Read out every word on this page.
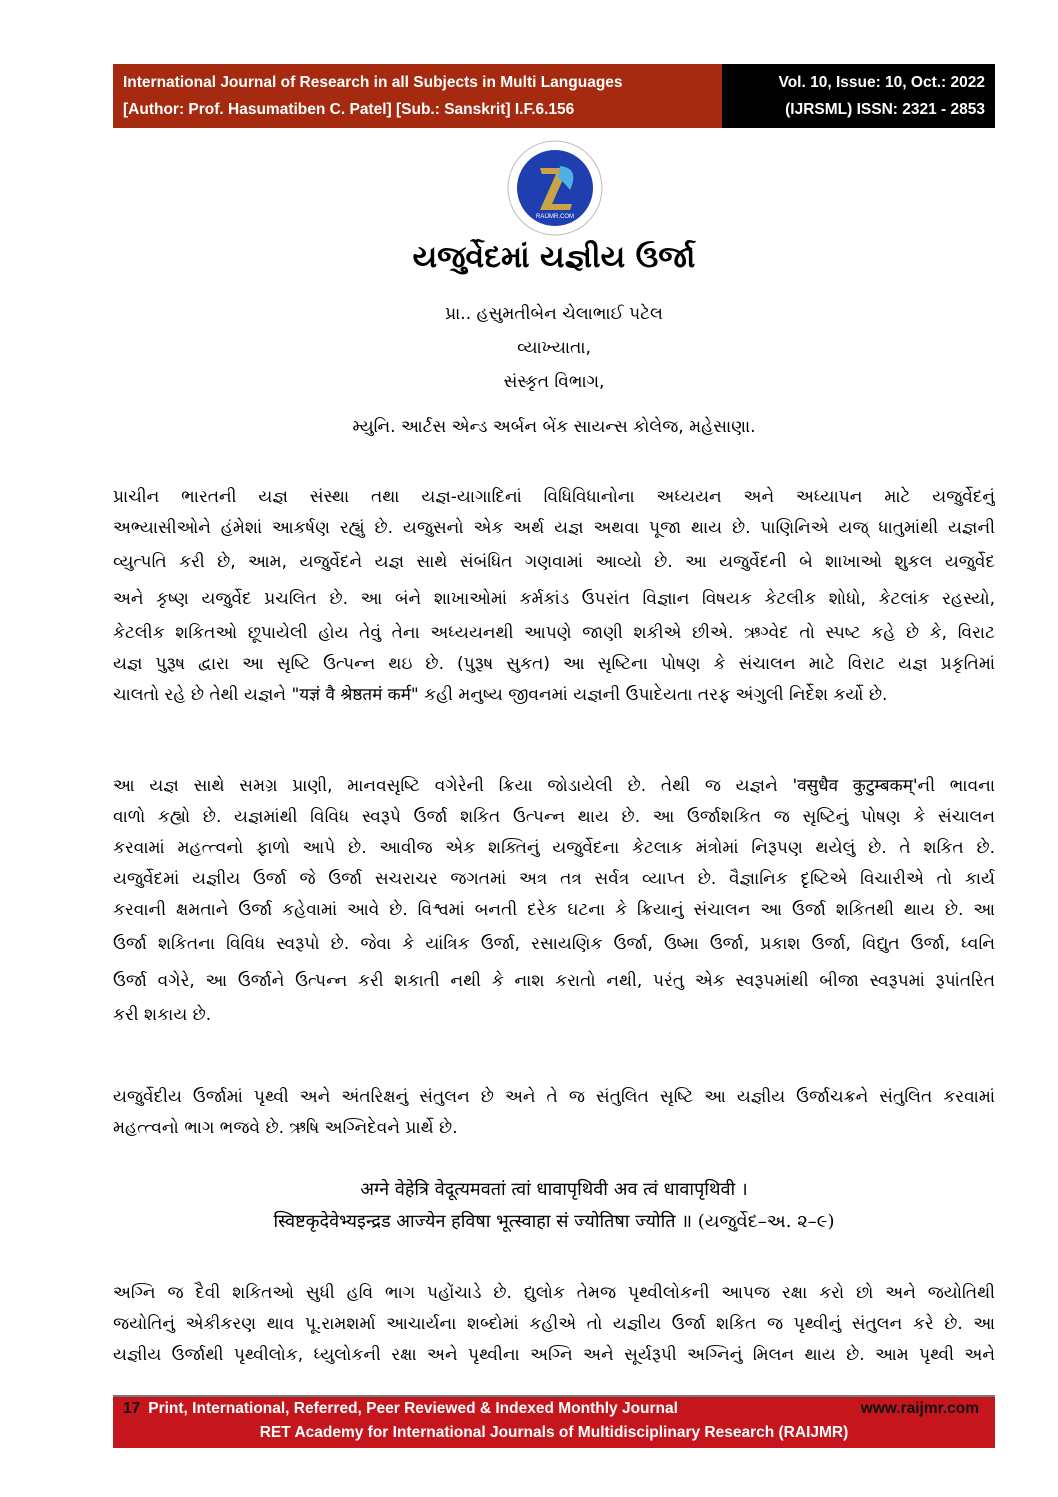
International Journal of Research in all Subjects in Multi Languages
[Author: Prof. Hasumatiben C. Patel] [Sub.: Sanskrit] I.F.6.156
Vol. 10, Issue: 10, Oct.: 2022
(IJRSML) ISSN: 2321 - 2853
RAIJMR.COM
યજુર્વેદમાં યજ્ઞીય ઉર્જા
પ્રા.. હસુમતીબેન ચેલાભાઈ પટેલ
વ્યાખ્યાતા,
સંસ્કૃત વિભાગ,
મ્યુનિ. આર્ટસ એન્ડ અર્બન બેંક સાયન્સ કોલેજ, મહેસાણા.
પ્રાચીન ભારતની યજ્ઞ સંસ્થા તથા યજ્ઞ-યાગાદિનાં વિધિવિધાનોના અધ્યયન અને અધ્યાપન માટે યજુર્વેદનું
અભ્યાસીઓને હંમેશાં આકર્ષણ રહ્યું છે. યજુસનો એક અર્થ યજ્ઞ અથવા પૂજા થાય છે. પાણિનિએ યજ્ ધાતુમાંથી યજ્ઞની
વ્યુત્પતિ કરી છે, આમ, યજુર્વેદને યજ્ઞ સાથે સંબંધિત ગણવામાં આવ્યો છે. આ યજુર્વેદની બે શાખાઓ શુકલ યજુર્વેદ
અને કૃષ્ણ યજુર્વેદ પ્રચલિત છે. આ બંને શાખાઓમાં કર્મકાંડ ઉપરાંત વિજ્ઞાન વિષયક કેટલીક શોધો, કેટલાંક રહસ્યો,
કેટલીક શકિતઓ છૂપાયેલી હોય તેવું તેના અધ્યયનથી આપણે જાણી શકીએ છીએ. ઋગ્વેદ તો સ્પષ્ટ કહે છે કે, વિરાટ
યજ્ઞ પુરૂષ દ્વારા આ સૃષ્ટિ ઉત્પન્ન થઇ છે. (પુરૂષ સુકત) આ સૃષ્ટિના પોષણ કે સંચાલન માટે વિરાટ યજ્ઞ પ્રકૃતિમાં
ચાલતો રહે છે તેથી યજ્ઞને "यज्ञं वै श्रेष्ठतमं कर्म" કહી મનુષ્ય જીવનમાં યજ્ઞની ઉપાદેયતા તરફ અંગુલી નિર્દેશ કર્યો છે.
આ યજ્ઞ સાથે સમગ્ર પ્રાણી, માનવસૃષ્ટિ વગેરેની ક્રિયા જોડાયેલી છે. તેથી જ યજ્ઞને 'वसुधैव कुटुम्बकम्'ની ભાવના
વાળો કહ્યો છે. યજ્ઞમાંથી વિવિધ સ્વરૂપે ઉર્જા શકિત ઉત્પન્ન થાય છે. આ ઉર્જાશકિત જ સૃષ્ટિનું પોષણ કે સંચાલન
કરવામાં મહત્ત્વનો ફાળો આપે છે. આવીજ એક શક્તિનું યજુર્વેદના કેટલાક મંત્રોમાં નિરૂપણ થયેલું છે. તે શકિત છે.
યજુર્વેદમાં યજ્ઞીય ઉર્જા જે ઉર્જા સચરાચર જગતમાં અત્ર તત્ર સર્વત્ર વ્યાપ્ત છે. વૈજ્ઞાનિક દૃષ્ટિએ વિચારીએ તો કાર્ય
કરવાની ક્ષમતાને ઉર્જા કહેવામાં આવે છે. વિશ્વમાં બનતી દરેક ઘટના કે ક્રિયાનું સંચાલન આ ઉર્જા શકિતથી થાય છે. આ
ઉર્જા શકિતના વિવિધ સ્વરૂપો છે. જેવા કે યાંત્રિક ઉર્જા, રસાયણિક ઉર્જા, ઉષ્મા ઉર્જા, પ્રકાશ ઉર્જા, વિદ્યુત ઉર્જા, ધ્વનિ
ઉર્જા વગેરે, આ ઉર્જાને ઉત્પન્ન કરી શકાતી નથી કે નાશ કરાતો નથી, પરંતુ એક સ્વરૂપમાંથી બીજા સ્વરૂપમાં રૂપાંતરિત
કરી શકાય છે.
યજુર્વેદીય ઉર્જામાં પૃથ્વી અને અંતરિક્ષનું સંતુલન છે અને તે જ સંતુલિત સૃષ્ટિ આ યજ્ઞીય ઉર્જાચક્રને સંતુલિત કરવામાં
મહત્ત્વનો ભાગ ભજવે છે. ઋષિ અગ્નિદેવને પ્રાર્થે છે.
अग्ने वेहेत्रि वेदूत्यमवतां त्वां धावापृथिवी अव त्वं धावापृथिवी ।
स्विष्टकृदेवेभ्यइन्द्रड आज्येन हविषा भूत्स्वाहा सं ज्योतिषा ज्योति ॥ (યજુર્વેદ–અ. ૨–૯)
અગ્નિ જ દૈવી શકિતઓ સુધી હવિ ભાગ પહોંચાડે છે. દ્યુલોક તેમજ પૃથ્વીલોકની આપજ રક્ષા કરો છો અને જયોતિથી
જયોતિનું એકીકરણ થાવ પૂ.રામશર્મા આચાર્યના શબ્દોમાં કહીએ તો યજ્ઞીય ઉર્જા શકિત જ પૃથ્વીનું સંતુલન કરે છે. આ
યજ્ઞીય ઉર્જાથી પૃથ્વીલોક, ધ્યુલોકની રક્ષા અને પૃથ્વીના અગ્નિ અને સૂર્યરૂપી અગ્નિનું મિલન થાય છે. આમ પૃથ્વી અને
17 Print, International, Referred, Peer Reviewed & Indexed Monthly Journal	www.raijmr.com
RET Academy for International Journals of Multidisciplinary Research (RAIJMR)
